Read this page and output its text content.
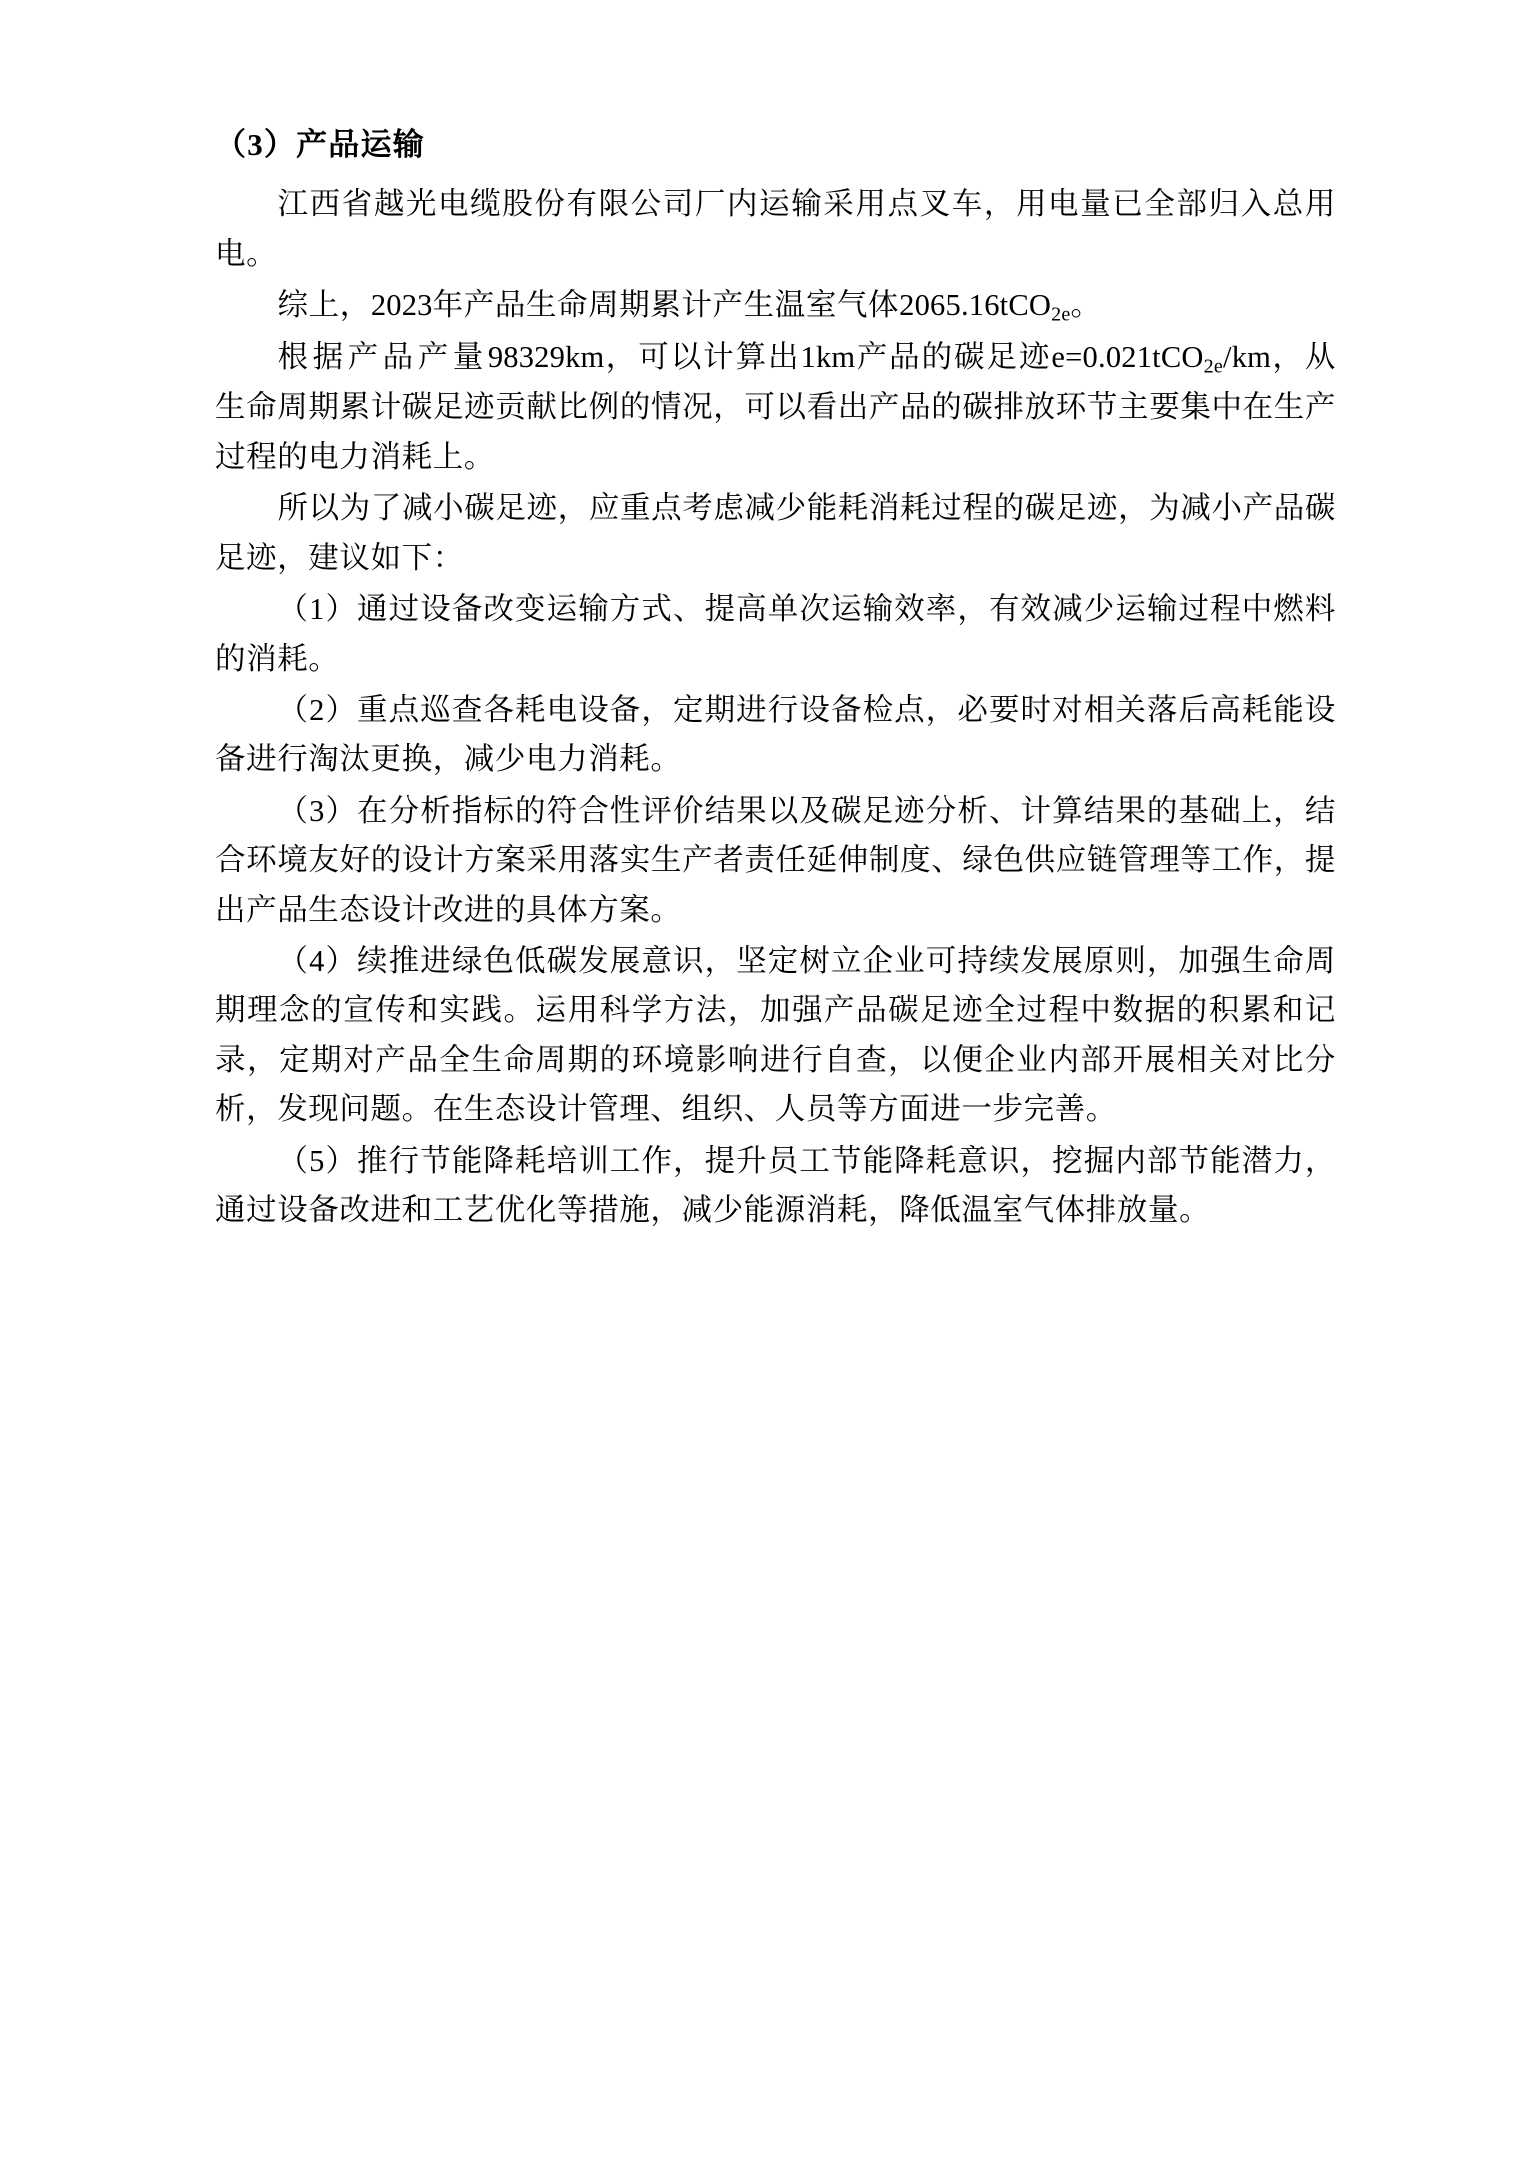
（3）产品运输

江西省越光电缆股份有限公司厂内运输采用点叉车，用电量已全部归入总用电。

综上，2023年产品生命周期累计产生温室气体2065.16tCO$_{2e}$。

根据产品产量98329km，可以计算出1km产品的碳足迹e=0.021tCO$_{2e}$/km，从生命周期累计碳足迹贡献比例的情况，可以看出产品的碳排放环节主要集中在生产过程的电力消耗上。

所以为了减小碳足迹，应重点考虑减少能耗消耗过程的碳足迹，为减小产品碳足迹，建议如下：

（1）通过设备改变运输方式、提高单次运输效率，有效减少运输过程中燃料的消耗。

（2）重点巡查各耗电设备，定期进行设备检点，必要时对相关落后高耗能设备进行淘汰更换，减少电力消耗。

（3）在分析指标的符合性评价结果以及碳足迹分析、计算结果的基础上，结合环境友好的设计方案采用落实生产者责任延伸制度、绿色供应链管理等工作，提出产品生态设计改进的具体方案。

（4）续推进绿色低碳发展意识，坚定树立企业可持续发展原则，加强生命周期理念的宣传和实践。运用科学方法，加强产品碳足迹全过程中数据的积累和记录，定期对产品全生命周期的环境影响进行自查，以便企业内部开展相关对比分析，发现问题。在生态设计管理、组织、人员等方面进一步完善。

（5）推行节能降耗培训工作，提升员工节能降耗意识，挖掘内部节能潜力，通过设备改进和工艺优化等措施，减少能源消耗，降低温室气体排放量。
